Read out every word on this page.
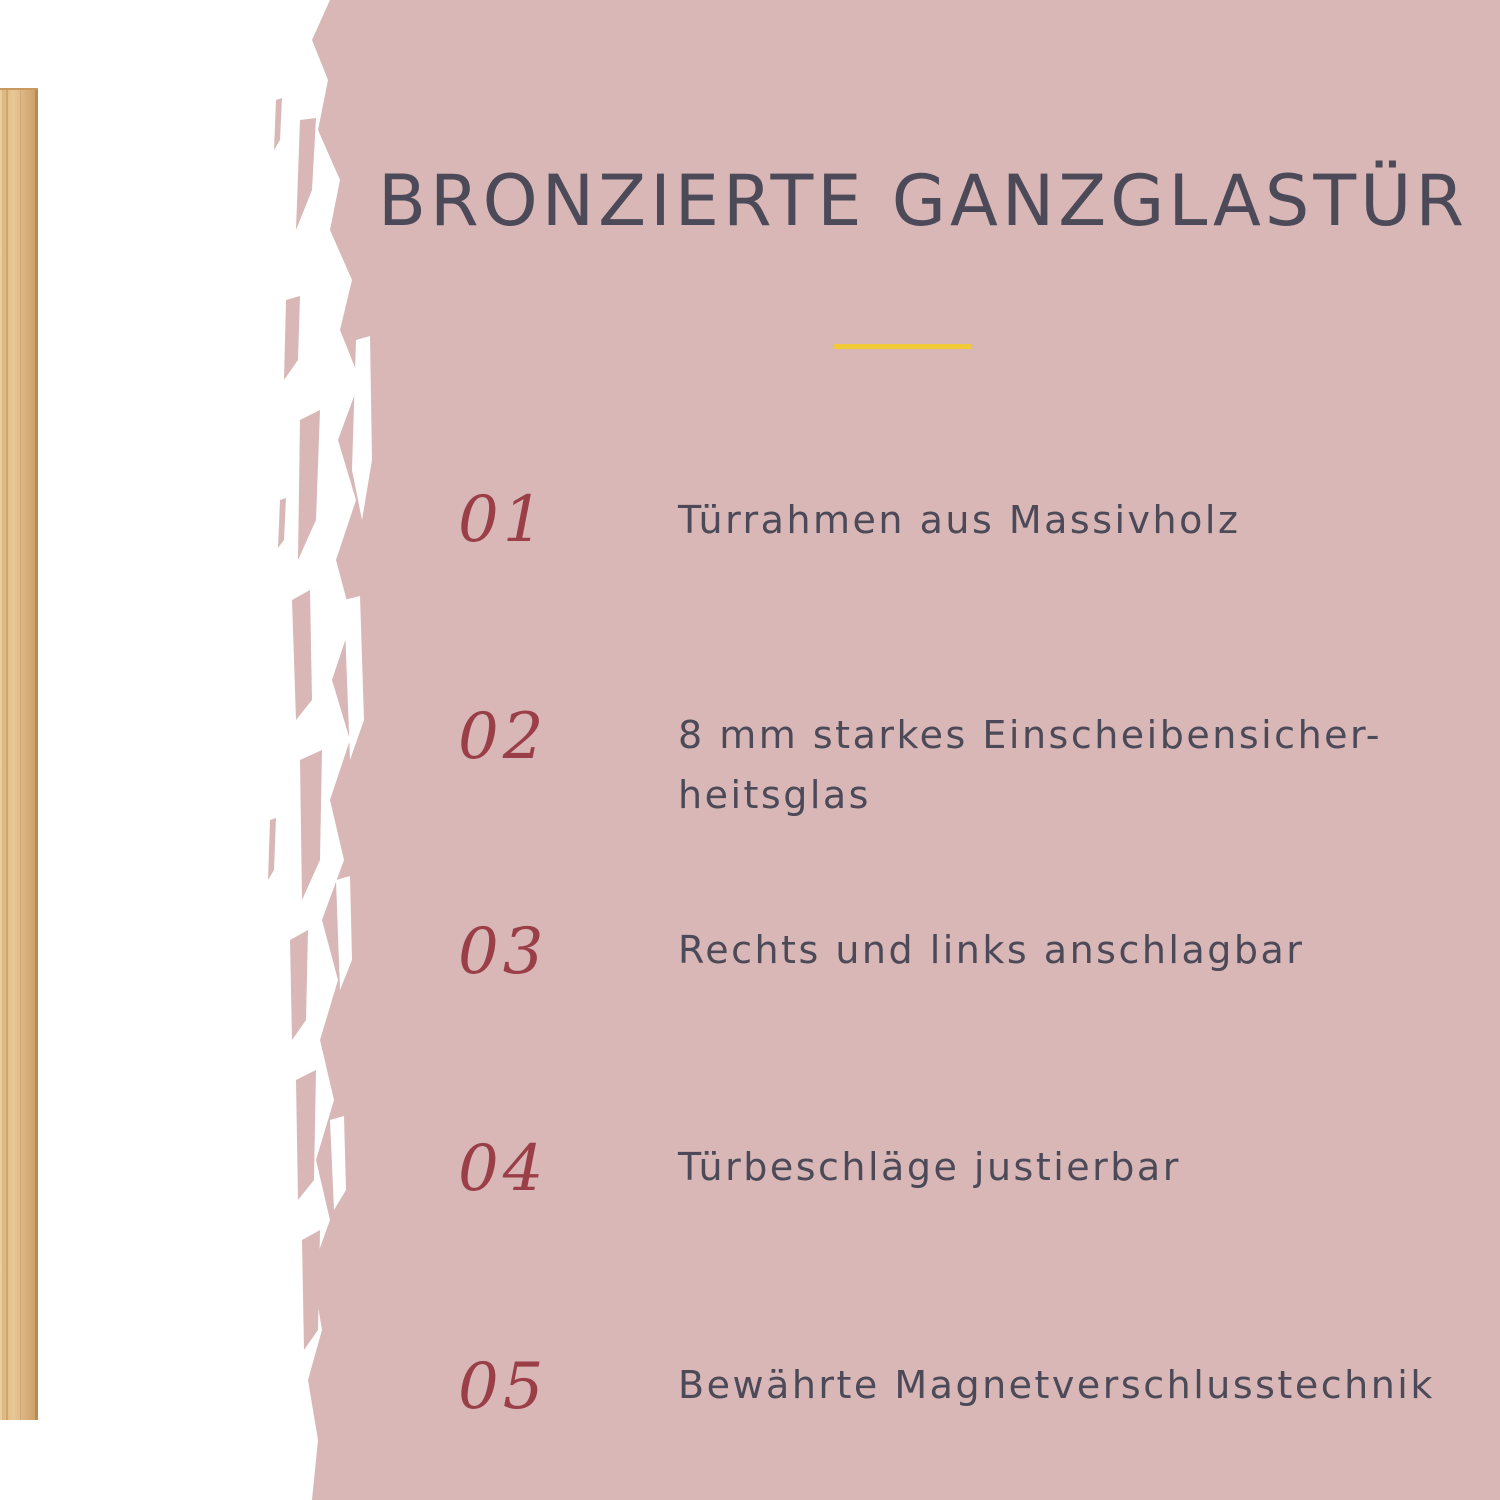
BRONZIERTE GANZGLASTÜR
01	Türrahmen aus Massivholz
02	8 mm starkes Einscheibensicher-heitsglas
03	Rechts und links anschlagbar
04	Türbeschläge justierbar
05	Bewährte Magnetverschlusstechnik
